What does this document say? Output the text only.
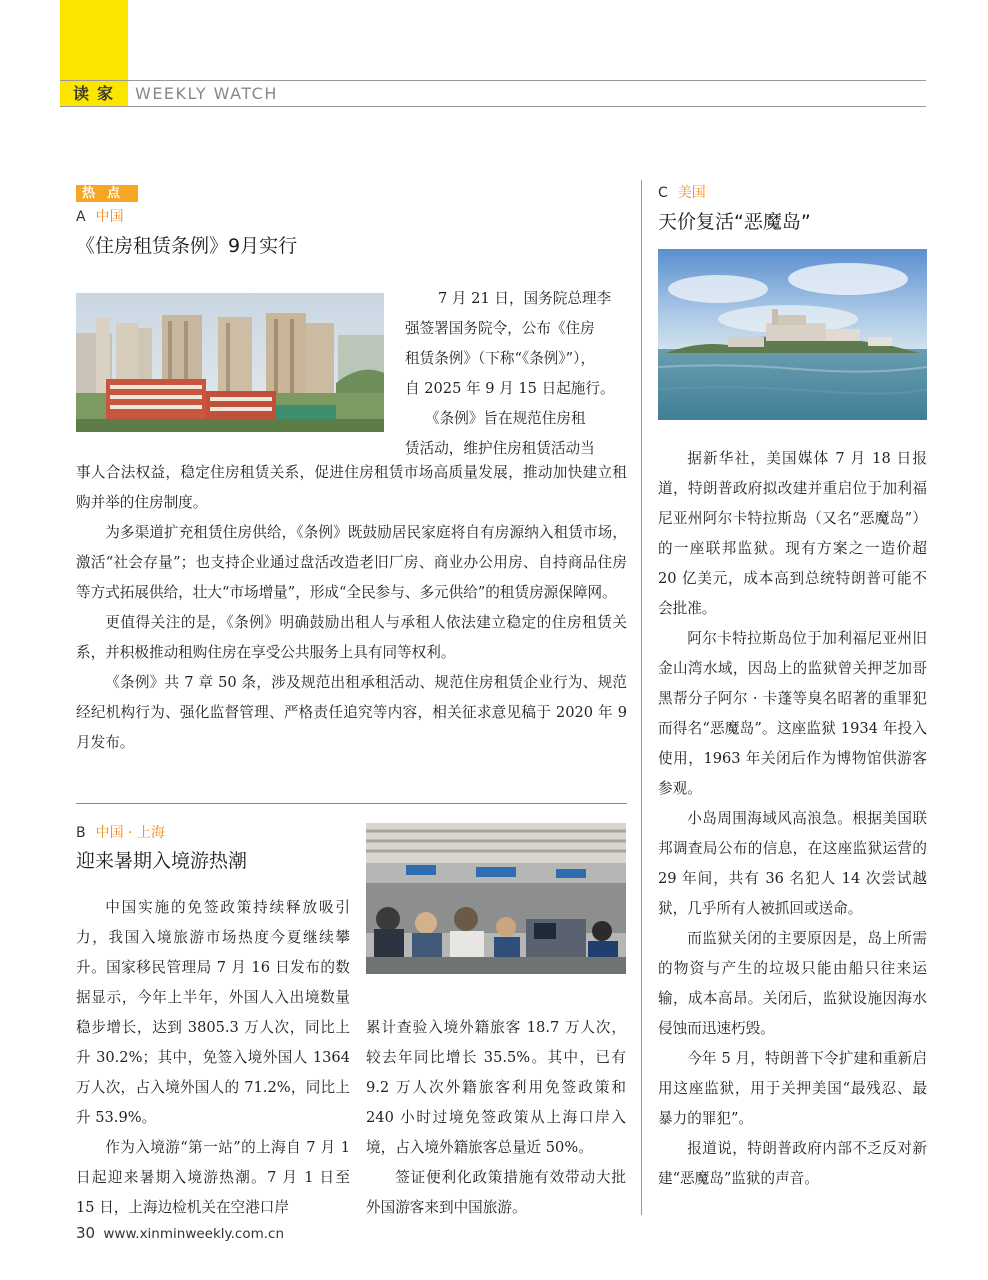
读家 WEEKLY WATCH
热点
A 中国
《住房租赁条例》9月实行
7 月 21 日，国务院总理李
强签署国务院令，公布《住房
租赁条例》（下称“《条例》”），
自 2025 年 9 月 15 日起施行。
《条例》旨在规范住房租
赁活动，维护住房租赁活动当
事人合法权益，稳定住房租赁关系，促进住房租赁市场高质量发展，推动加快建立租购并举的住房制度。

为多渠道扩充租赁住房供给，《条例》既鼓励居民家庭将自有房源纳入租赁市场，激活“社会存量”；也支持企业通过盘活改造老旧厂房、商业办公用房、自持商品住房等方式拓展供给，壮大“市场增量”，形成“全民参与、多元供给”的租赁房源保障网。

更值得关注的是，《条例》明确鼓励出租人与承租人依法建立稳定的住房租赁关系，并积极推动租购住房在享受公共服务上具有同等权利。

《条例》共 7 章 50 条，涉及规范出租承租活动、规范住房租赁企业行为、规范经纪机构行为、强化监督管理、严格责任追究等内容，相关征求意见稿于 2020 年 9 月发布。

B 中国 · 上海
迎来暑期入境游热潮

中国实施的免签政策持续释放吸引力，我国入境旅游市场热度今夏继续攀升。国家移民管理局 7 月 16 日发布的数据显示，今年上半年，外国人入出境数量稳步增长，达到 3805.3 万人次，同比上升 30.2%；其中，免签入境外国人 1364 万人次，占入境外国人的 71.2%，同比上升 53.9%。

作为入境游“第一站”的上海自 7 月 1 日起迎来暑期入境游热潮。7 月 1 日至 15 日，上海边检机关在空港口岸

累计查验入境外籍旅客 18.7 万人次，较去年同比增长 35.5%。其中，已有 9.2 万人次外籍旅客利用免签政策和 240 小时过境免签政策从上海口岸入境，占入境外籍旅客总量近 50%。

签证便利化政策措施有效带动大批外国游客来到中国旅游。

C 美国
天价复活“恶魔岛”

据新华社，美国媒体 7 月 18 日报道，特朗普政府拟改建并重启位于加利福尼亚州阿尔卡特拉斯岛（又名“恶魔岛”）的一座联邦监狱。现有方案之一造价超 20 亿美元，成本高到总统特朗普可能不会批准。

阿尔卡特拉斯岛位于加利福尼亚州旧金山湾水域，因岛上的监狱曾关押芝加哥黑帮分子阿尔 · 卡蓬等臭名昭著的重罪犯而得名“恶魔岛”。这座监狱 1934 年投入使用，1963 年关闭后作为博物馆供游客参观。

小岛周围海域风高浪急。根据美国联邦调查局公布的信息，在这座监狱运营的 29 年间，共有 36 名犯人 14 次尝试越狱，几乎所有人被抓回或送命。

而监狱关闭的主要原因是，岛上所需的物资与产生的垃圾只能由船只往来运输，成本高昂。关闭后，监狱设施因海水侵蚀而迅速朽毁。

今年 5 月，特朗普下令扩建和重新启用这座监狱，用于关押美国“最残忍、最暴力的罪犯”。

报道说，特朗普政府内部不乏反对新建“恶魔岛”监狱的声音。

30 www.xinminweekly.com.cn
